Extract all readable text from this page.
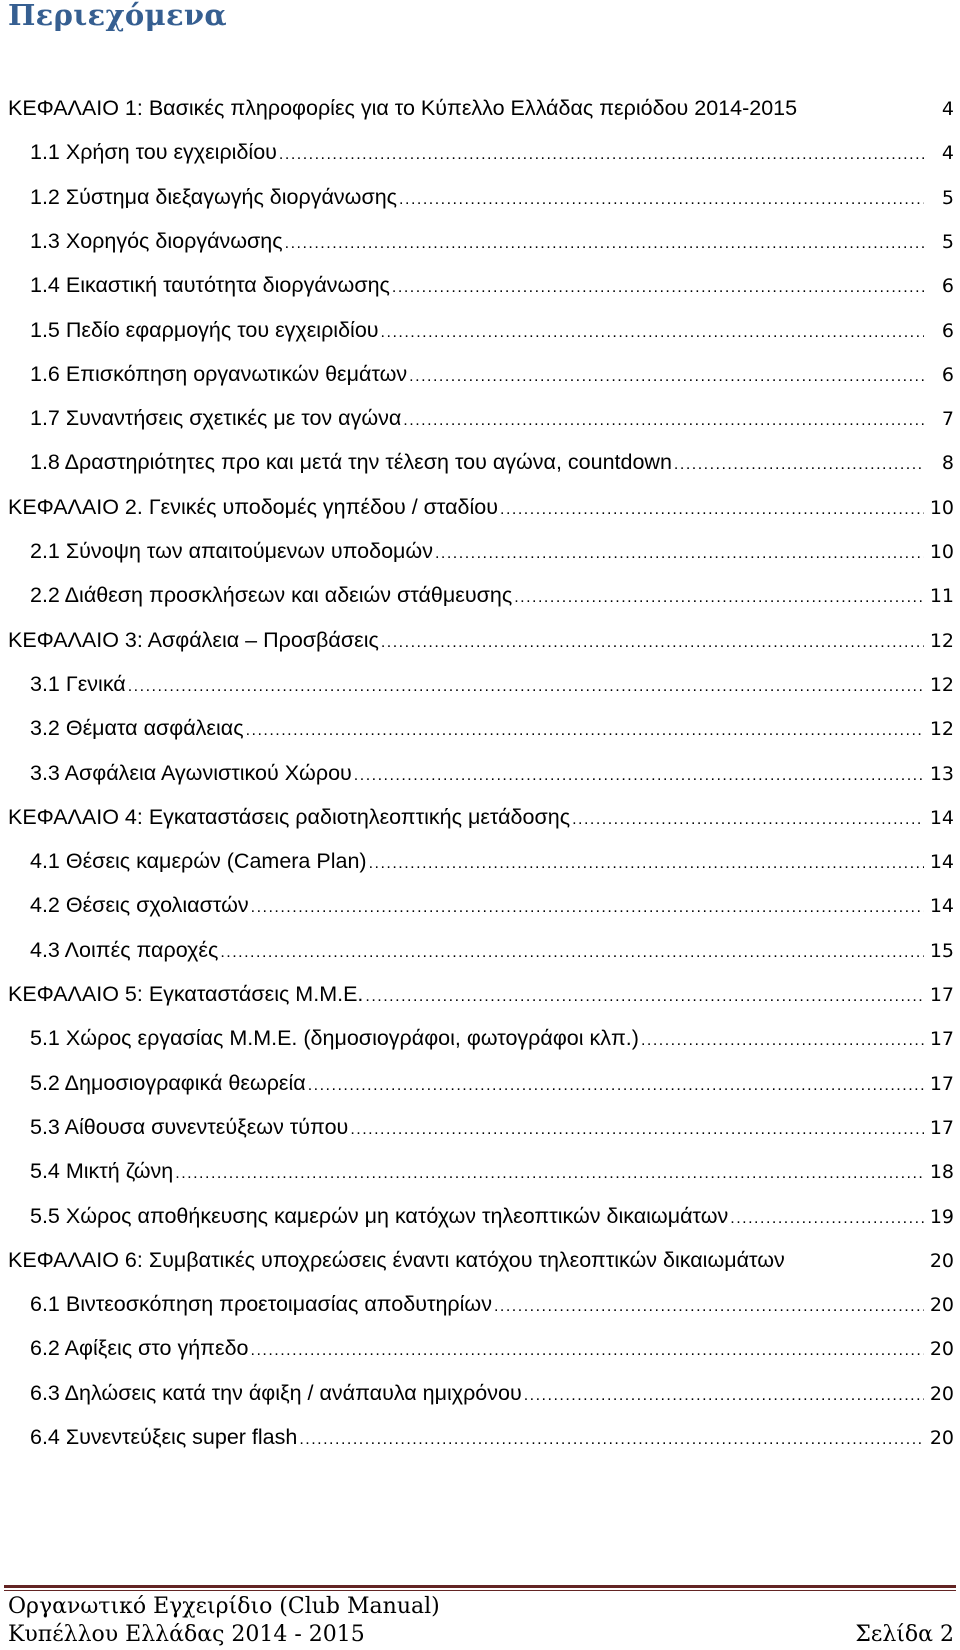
Περιεχόμενα
ΚΕΦΑΛΑΙΟ 1: Βασικές πληροφορίες για το Κύπελλο Ελλάδας περιόδου 2014-2015	4
1.1 Χρήση του εγχειριδίου .....	4
1.2 Σύστημα διεξαγωγής διοργάνωσης .....	5
1.3 Χορηγός διοργάνωσης .....	5
1.4 Εικαστική ταυτότητα διοργάνωσης .....	6
1.5 Πεδίο εφαρμογής του εγχειριδίου .....	6
1.6 Επισκόπηση οργανωτικών θεμάτων .....	6
1.7 Συναντήσεις σχετικές με τον αγώνα .....	7
1.8 Δραστηριότητες προ και μετά την τέλεση του αγώνα, countdown .....	8
ΚΕΦΑΛΑΙΟ 2. Γενικές υποδομές γηπέδου / σταδίου .....	10
2.1 Σύνοψη των απαιτούμενων υποδομών .....	10
2.2 Διάθεση προσκλήσεων και αδειών στάθμευσης .....	11
ΚΕΦΑΛΑΙΟ 3: Ασφάλεια – Προσβάσεις .....	12
3.1 Γενικά .....	12
3.2 Θέματα ασφάλειας .....	12
3.3 Ασφάλεια Αγωνιστικού Χώρου .....	13
ΚΕΦΑΛΑΙΟ 4: Εγκαταστάσεις ραδιοτηλεοπτικής μετάδοσης .....	14
4.1 Θέσεις καμερών (Camera Plan) .....	14
4.2 Θέσεις σχολιαστών .....	14
4.3 Λοιπές παροχές .....	15
ΚΕΦΑΛΑΙΟ 5: Εγκαταστάσεις Μ.Μ.Ε. .....	17
5.1 Χώρος εργασίας Μ.Μ.Ε. (δημοσιογράφοι, φωτογράφοι κλπ.) .....	17
5.2 Δημοσιογραφικά θεωρεία .....	17
5.3 Αίθουσα συνεντεύξεων τύπου .....	17
5.4 Μικτή ζώνη .....	18
5.5 Χώρος αποθήκευσης καμερών μη κατόχων τηλεοπτικών δικαιωμάτων .....	19
ΚΕΦΑΛΑΙΟ 6: Συμβατικές υποχρεώσεις έναντι κατόχου τηλεοπτικών δικαιωμάτων	20
6.1 Βιντεοσκόπηση προετοιμασίας αποδυτηρίων .....	20
6.2 Αφίξεις στο γήπεδο .....	20
6.3 Δηλώσεις κατά την άφιξη / ανάπαυλα ημιχρόνου .....	20
6.4 Συνεντεύξεις super flash .....	20
Οργανωτικό Εγχειρίδιο (Club Manual)
Κυπέλλου Ελλάδας 2014 - 2015	Σελίδα 2
